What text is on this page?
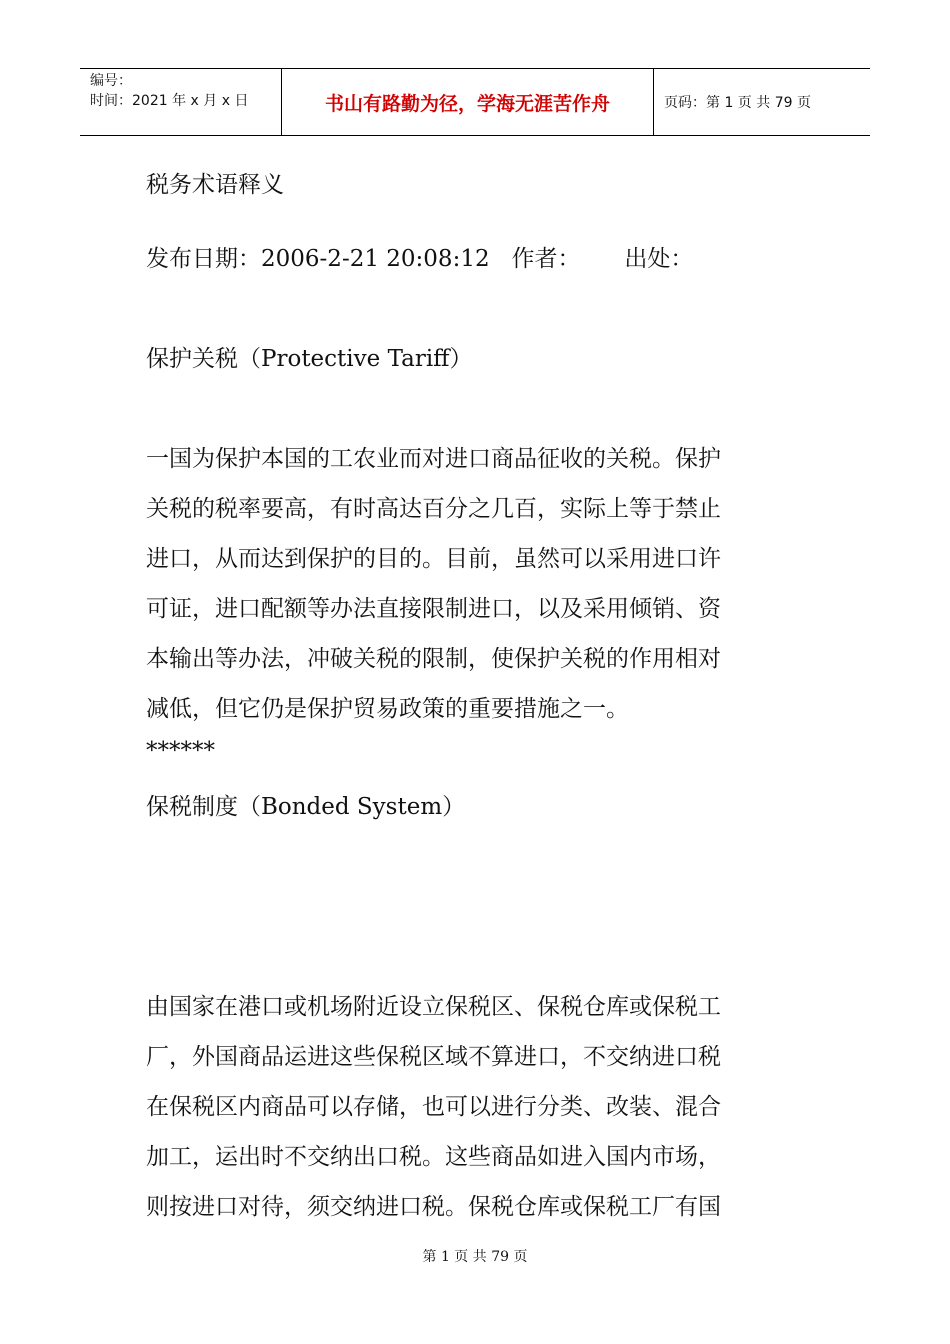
编号：
时间：2021 年 x 月 x 日	书山有路勤为径，学海无涯苦作舟	页码：第 1 页 共 79 页
税务术语释义
发布日期：2006-2-21 20:08:12   作者：      出处：
保护关税（Protective Tariff）
一国为保护本国的工农业而对进口商品征收的关税。保护
关税的税率要高，有时高达百分之几百，实际上等于禁止
进口，从而达到保护的目的。目前，虽然可以采用进口许
可证，进口配额等办法直接限制进口，以及采用倾销、资
本输出等办法，冲破关税的限制，使保护关税的作用相对
减低，但它仍是保护贸易政策的重要措施之一。
******
保税制度（Bonded System）
由国家在港口或机场附近设立保税区、保税仓库或保税工
厂，外国商品运进这些保税区域不算进口，不交纳进口税
在保税区内商品可以存储，也可以进行分类、改装、混合
加工，运出时不交纳出口税。这些商品如进入国内市场，
则按进口对待，须交纳进口税。保税仓库或保税工厂有国
第 1 页 共 79 页
